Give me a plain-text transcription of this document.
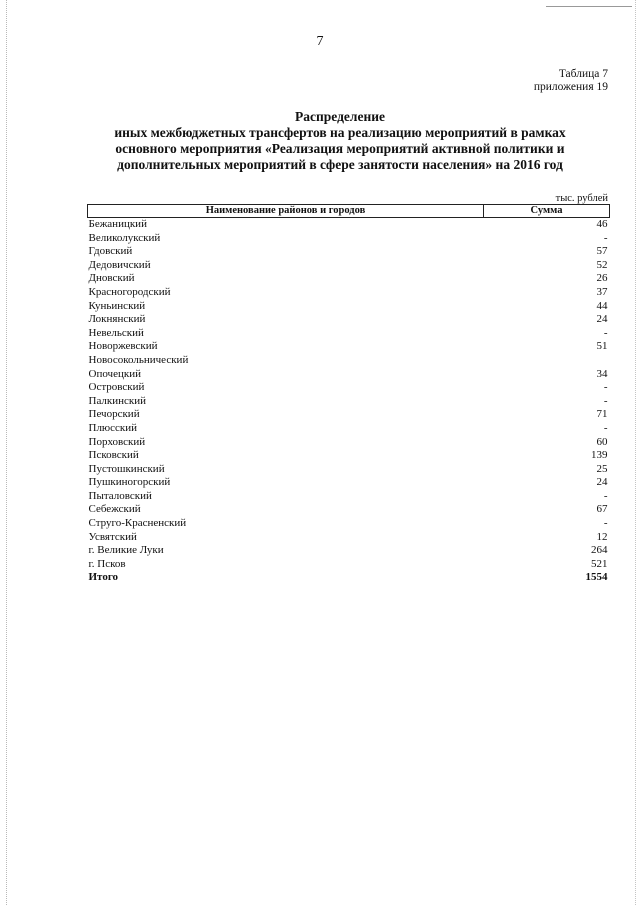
7
Таблица 7
приложения 19
Распределение
иных межбюджетных трансфертов на реализацию мероприятий в рамках
основного мероприятия «Реализация мероприятий активной политики и
дополнительных мероприятий в сфере занятости населения» на 2016 год
тыс. рублей
Наименование районов и городов	Сумма
Бежаницкий	46
Великолукский	-
Гдовский	57
Дедовичский	52
Дновский	26
Красногородский	37
Куньинский	44
Локнянский	24
Невельский	-
Новоржевский	51
Новосокольнический	
Опочецкий	34
Островский	-
Палкинский	-
Печорский	71
Плюсский	-
Порховский	60
Псковский	139
Пустошкинский	25
Пушкиногорский	24
Пыталовский	-
Себежский	67
Струго-Красненский	-
Усвятский	12
г. Великие Луки	264
г. Псков	521
Итого	1554
